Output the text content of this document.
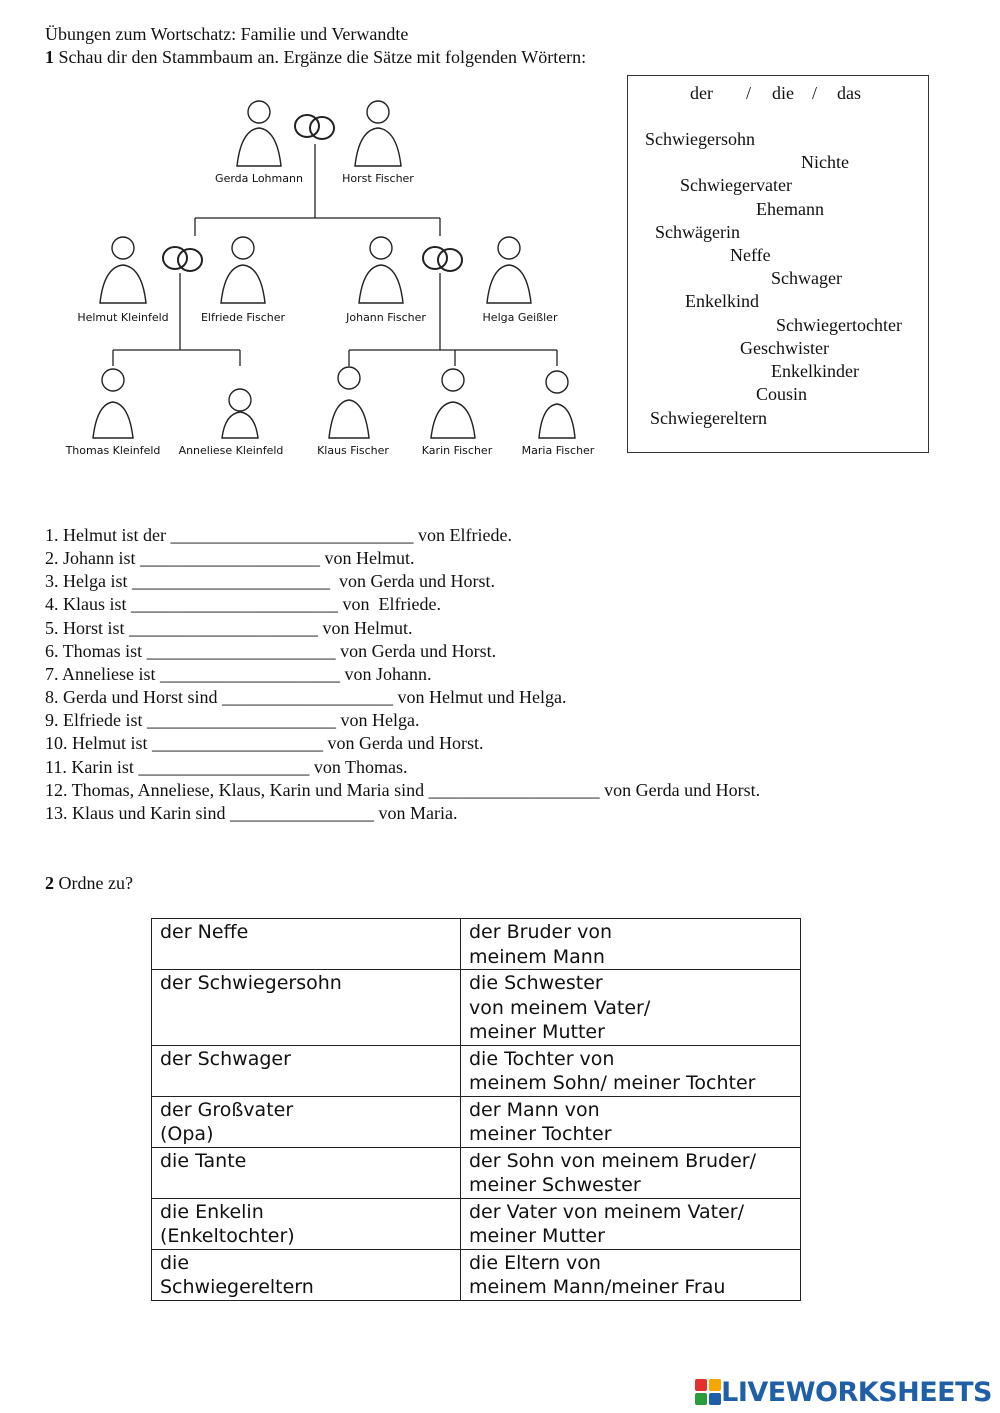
Übungen zum Wortschatz: Familie und Verwandte
1 Schau dir den Stammbaum an. Ergänze die Sätze mit folgenden Wörtern:
Gerda Lohmann	Horst Fischer
Helmut Kleinfeld	Elfriede Fischer	Johann Fischer	Helga Geißler
Thomas Kleinfeld Anneliese Kleinfeld	Klaus Fischer	Karin Fischer	Maria Fischer
der / die / das
Schwiegersohn
Nichte
Schwiegervater
Ehemann
Schwägerin
Neffe
Schwager
Enkelkind
Schwiegertochter
Geschwister
Enkelkinder
Cousin
Schwiegereltern
1. Helmut ist der ___________________________ von Elfriede.
2. Johann ist ____________________ von Helmut.
3. Helga ist ______________________  von Gerda und Horst.
4. Klaus ist _______________________ von  Elfriede.
5. Horst ist _____________________ von Helmut.
6. Thomas ist _____________________ von Gerda und Horst.
7. Anneliese ist ____________________ von Johann.
8. Gerda und Horst sind ___________________ von Helmut und Helga.
9. Elfriede ist _____________________ von Helga.
10. Helmut ist ___________________ von Gerda und Horst.
11. Karin ist ___________________ von Thomas.
12. Thomas, Anneliese, Klaus, Karin und Maria sind ___________________ von Gerda und Horst.
13. Klaus und Karin sind ________________ von Maria.
2 Ordne zu?
der Neffe	der Bruder von
meinem Mann

der Schwiegersohn	die Schwester
von meinem Vater/
meiner Mutter

der Schwager	die Tochter von
meinem Sohn/ meiner Tochter

der Großvater
(Opa)	der Mann von
meiner Tochter

die Tante	der Sohn von meinem Bruder/
meiner Schwester

die Enkelin
(Enkeltochter)	der Vater von meinem Vater/
meiner Mutter

die
Schwiegereltern	die Eltern von
meinem Mann/meiner Frau
LIVEWORKSHEETS
